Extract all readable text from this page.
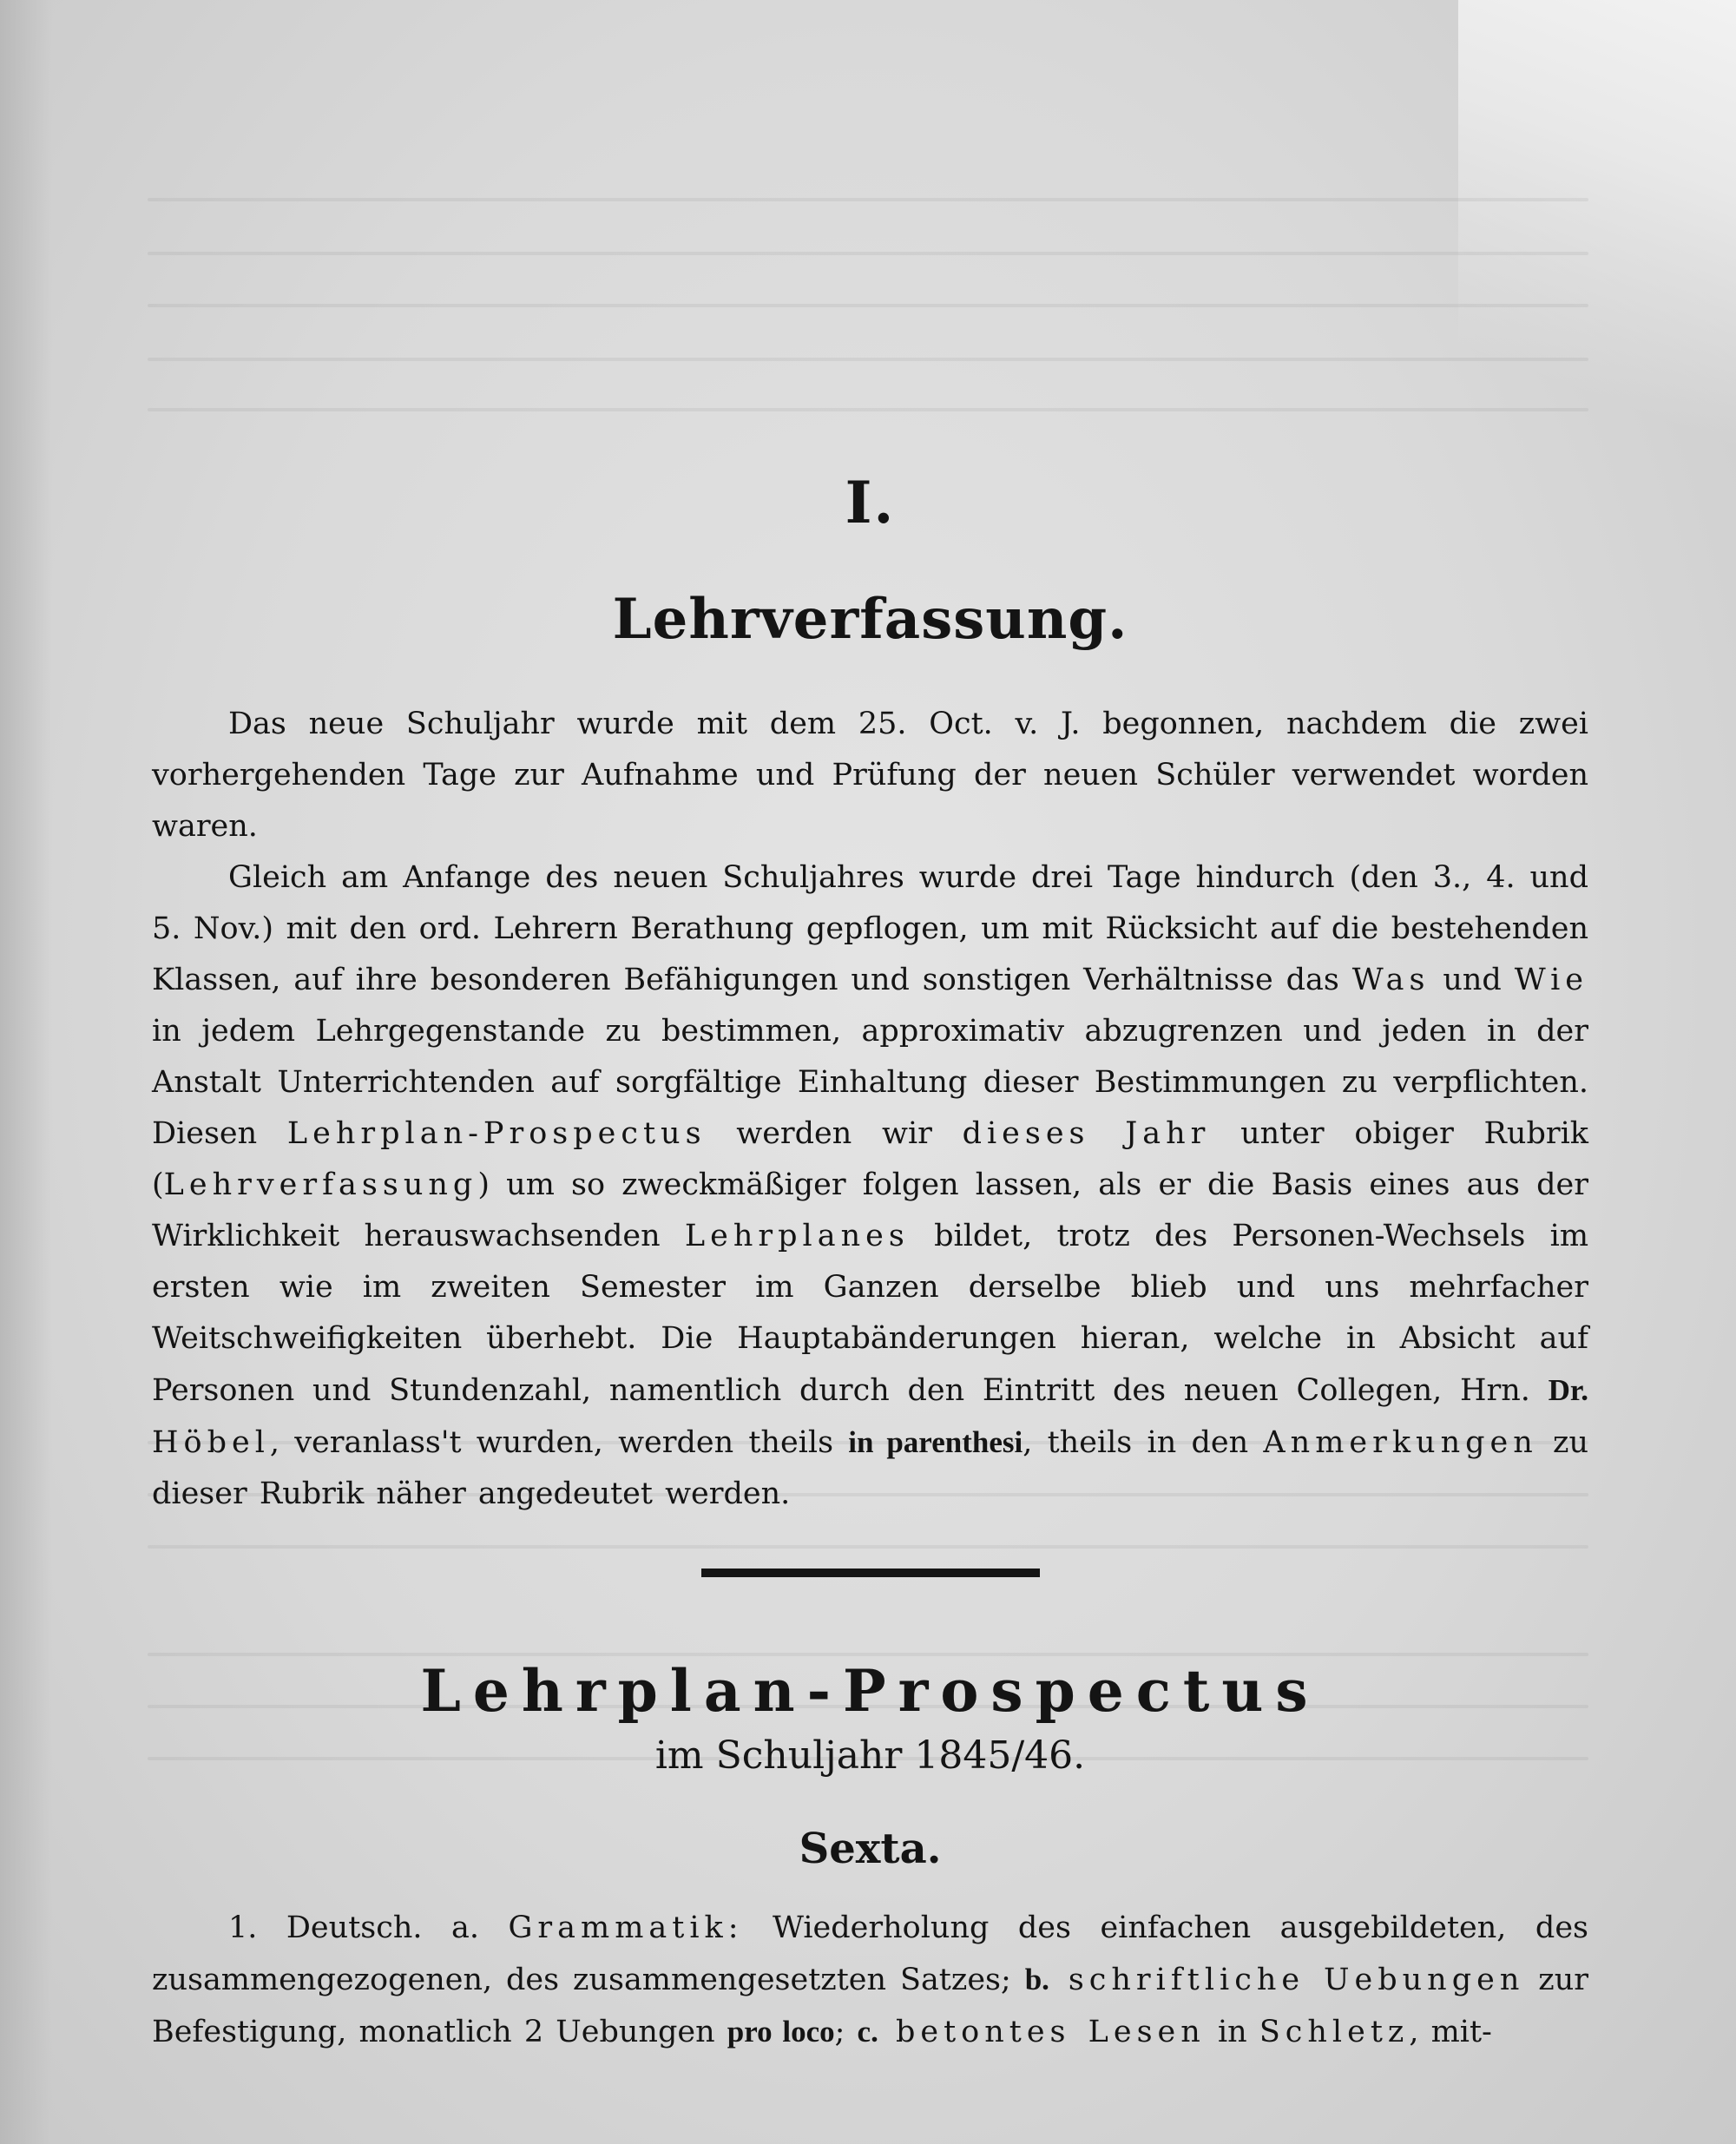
I.
Lehrverfassung.

Das neue Schuljahr wurde mit dem 25. Oct. v. J. begonnen, nachdem die zwei vorhergehenden Tage zur Aufnahme und Prüfung der neuen Schüler verwendet worden waren.

Gleich am Anfange des neuen Schuljahres wurde drei Tage hindurch (den 3., 4. und 5. Nov.) mit den ord. Lehrern Berathung gepflogen, um mit Rücksicht auf die bestehenden Klassen, auf ihre besonderen Befähigungen und sonstigen Verhältnisse das Was und Wie in jedem Lehrgegenstande zu bestimmen, approximativ abzugrenzen und jeden in der Anstalt Unterrichtenden auf sorgfältige Einhaltung dieser Bestimmungen zu verpflichten. Diesen Lehrplan-Prospectus werden wir dieses Jahr unter obiger Rubrik (Lehrverfassung) um so zweckmäßiger folgen lassen, als er die Basis eines aus der Wirklichkeit herauswachsenden Lehrplanes bildet, trotz des Personen-Wechsels im ersten wie im zweiten Semester im Ganzen derselbe blieb und uns mehrfacher Weitschweifigkeiten überhebt. Die Hauptabänderungen hieran, welche in Absicht auf Personen und Stundenzahl, namentlich durch den Eintritt des neuen Collegen, Hrn. Dr. Höbel, veranlass't wurden, werden theils in parenthesi, theils in den Anmerkungen zu dieser Rubrik näher angedeutet werden.

Lehrplan-Prospectus
im Schuljahr 1845/46.
Sexta.

1. Deutsch. a. Grammatik: Wiederholung des einfachen ausgebildeten, des zusammengezogenen, des zusammengesetzten Satzes; b. schriftliche Uebungen zur Befestigung, monatlich 2 Uebungen pro loco; c. betontes Lesen in Schletz, mit-
